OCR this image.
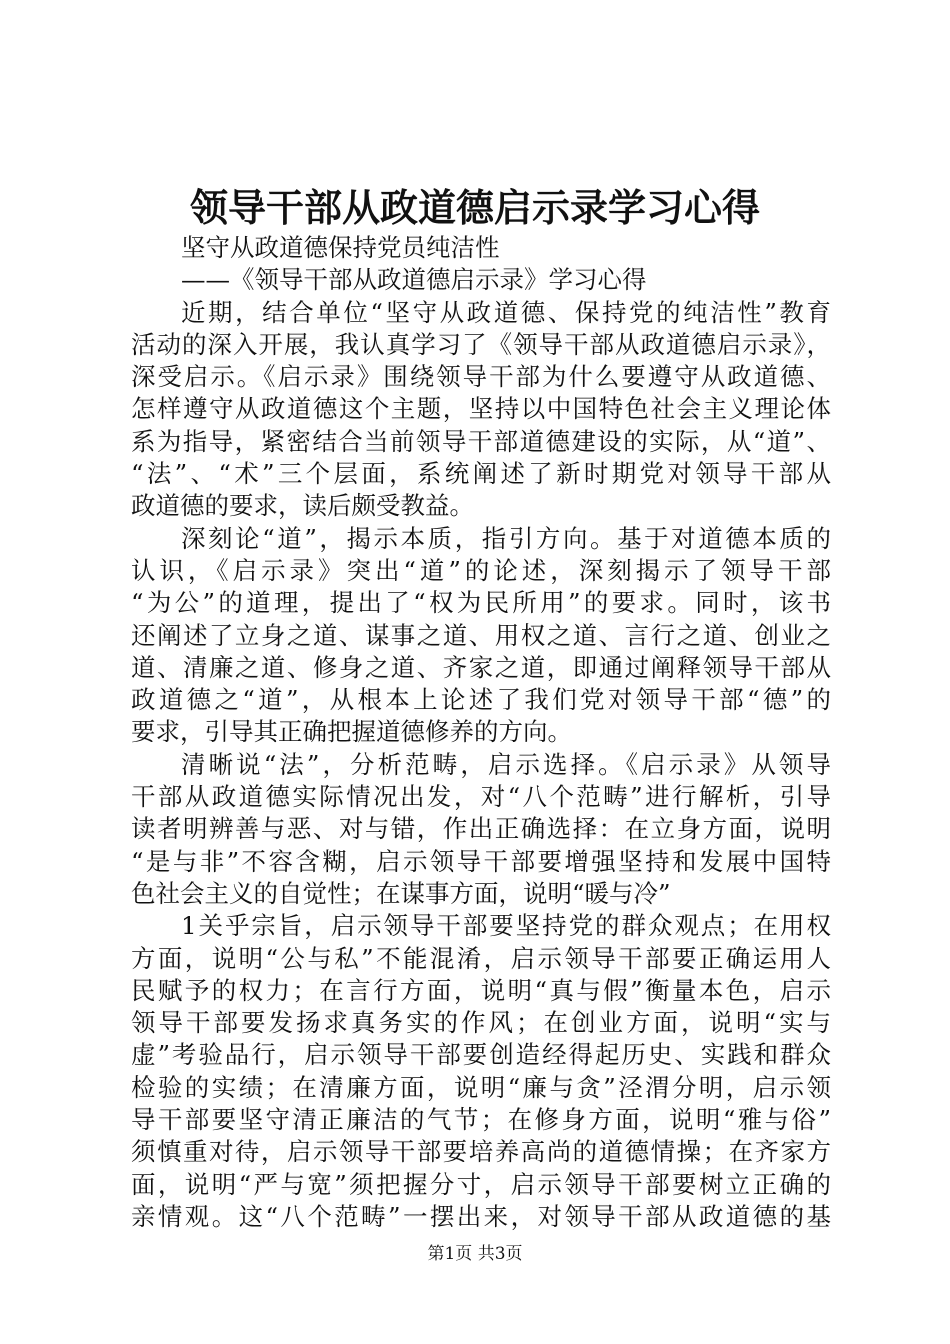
领导干部从政道德启示录学习心得
坚守从政道德保持党员纯洁性
——《领导干部从政道德启示录》学习心得
近期，结合单位“坚守从政道德、保持党的纯洁性”教育
活动的深入开展，我认真学习了《领导干部从政道德启示录》，
深受启示。《启示录》围绕领导干部为什么要遵守从政道德、
怎样遵守从政道德这个主题，坚持以中国特色社会主义理论体
系为指导，紧密结合当前领导干部道德建设的实际，从“道”、
“法”、“术”三个层面，系统阐述了新时期党对领导干部从
政道德的要求，读后颇受教益。
深刻论“道”，揭示本质，指引方向。基于对道德本质的
认识，《启示录》突出“道”的论述，深刻揭示了领导干部
“为公”的道理，提出了“权为民所用”的要求。同时，该书
还阐述了立身之道、谋事之道、用权之道、言行之道、创业之
道、清廉之道、修身之道、齐家之道，即通过阐释领导干部从
政道德之“道”，从根本上论述了我们党对领导干部“德”的
要求，引导其正确把握道德修养的方向。
清晰说“法”，分析范畴，启示选择。《启示录》从领导
干部从政道德实际情况出发，对“八个范畴”进行解析，引导
读者明辨善与恶、对与错，作出正确选择：在立身方面，说明
“是与非”不容含糊，启示领导干部要增强坚持和发展中国特
色社会主义的自觉性；在谋事方面，说明“暖与冷”
1关乎宗旨，启示领导干部要坚持党的群众观点；在用权
方面，说明“公与私”不能混淆，启示领导干部要正确运用人
民赋予的权力；在言行方面，说明“真与假”衡量本色，启示
领导干部要发扬求真务实的作风；在创业方面，说明“实与
虚”考验品行，启示领导干部要创造经得起历史、实践和群众
检验的实绩；在清廉方面，说明“廉与贪”泾渭分明，启示领
导干部要坚守清正廉洁的气节；在修身方面，说明“雅与俗”
须慎重对待，启示领导干部要培养高尚的道德情操；在齐家方
面，说明“严与宽”须把握分寸，启示领导干部要树立正确的
亲情观。这“八个范畴”一摆出来，对领导干部从政道德的基
第1页 共3页
